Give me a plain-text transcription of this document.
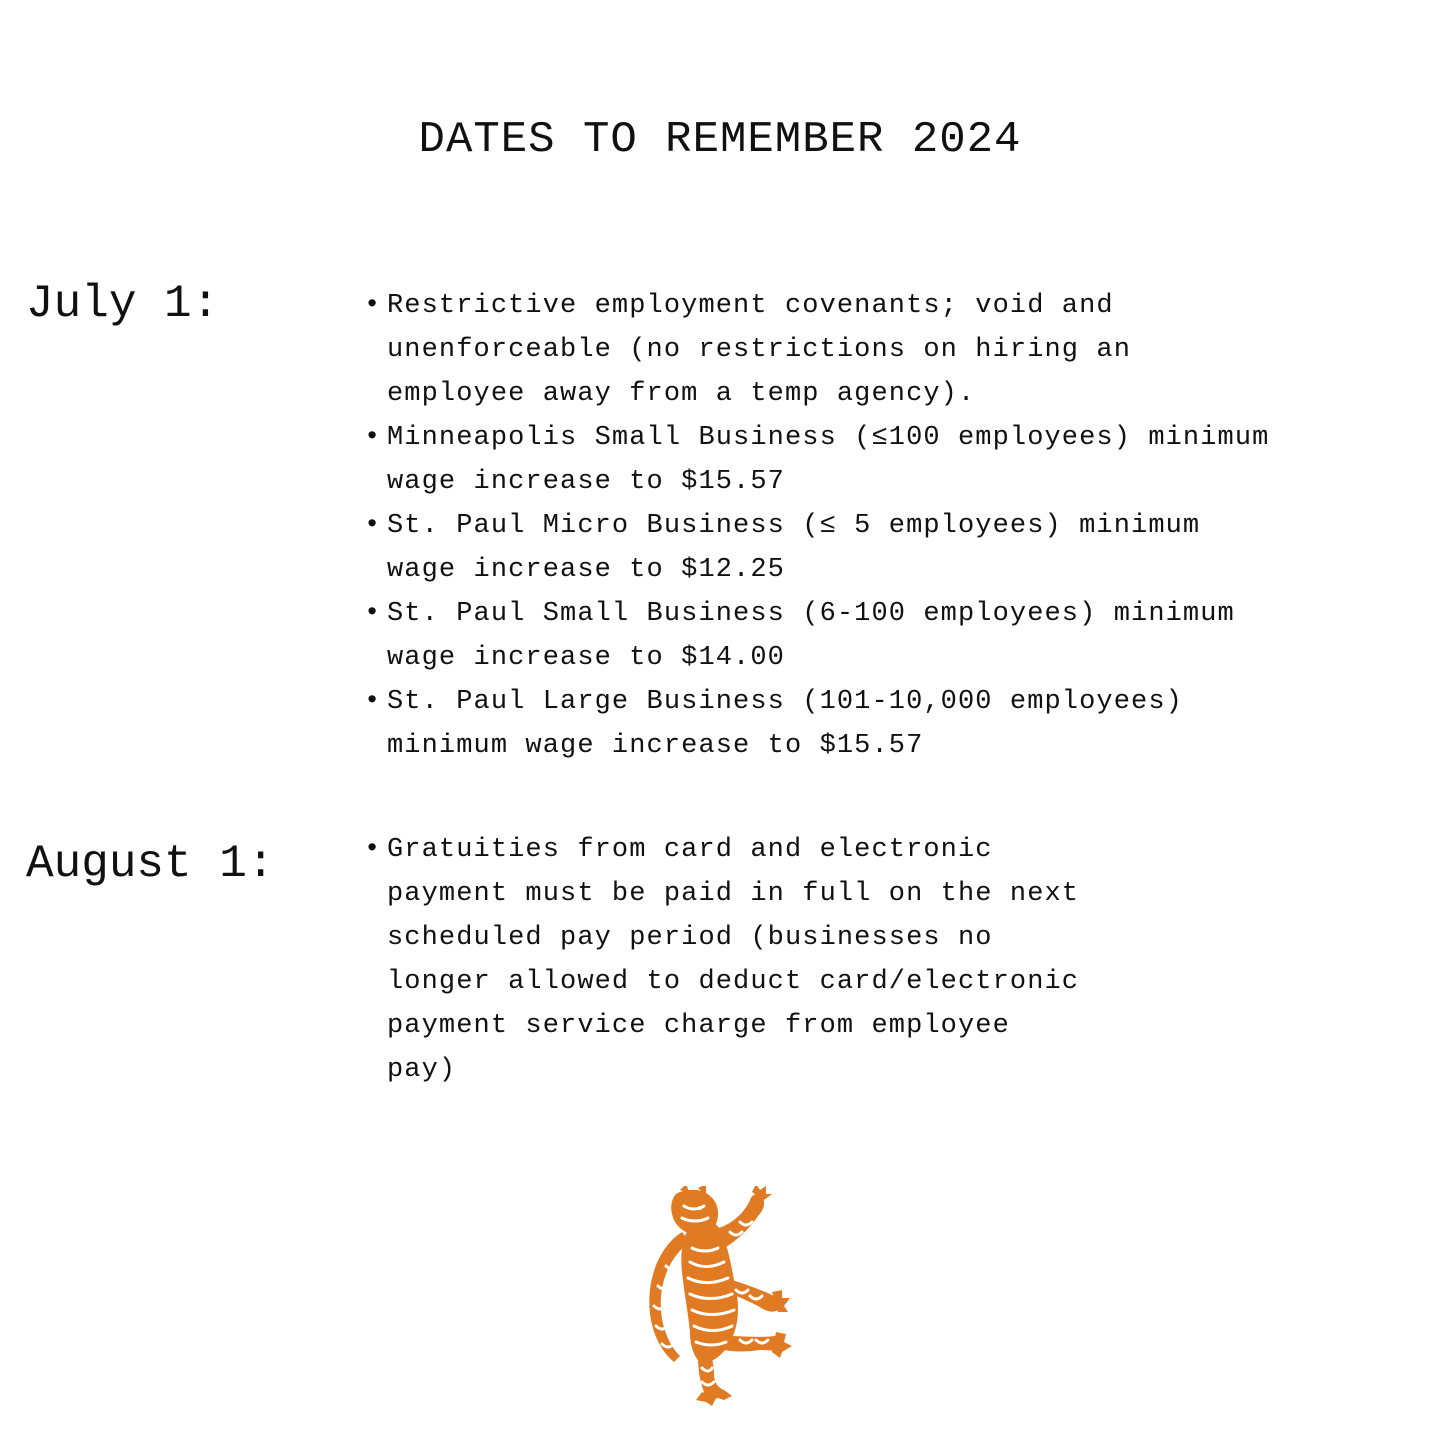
DATES TO REMEMBER 2024
July 1:	• Restrictive employment covenants; void and
unenforceable (no restrictions on hiring an
employee away from a temp agency).
• Minneapolis Small Business (≤100 employees) minimum
wage increase to $15.57
• St. Paul Micro Business (≤ 5 employees) minimum
wage increase to $12.25
• St. Paul Small Business (6-100 employees) minimum
wage increase to $14.00
• St. Paul Large Business (101-10,000 employees)
minimum wage increase to $15.57
August 1:	• Gratuities from card and electronic
payment must be paid in full on the next
scheduled pay period (businesses no
longer allowed to deduct card/electronic
payment service charge from employee
pay)
